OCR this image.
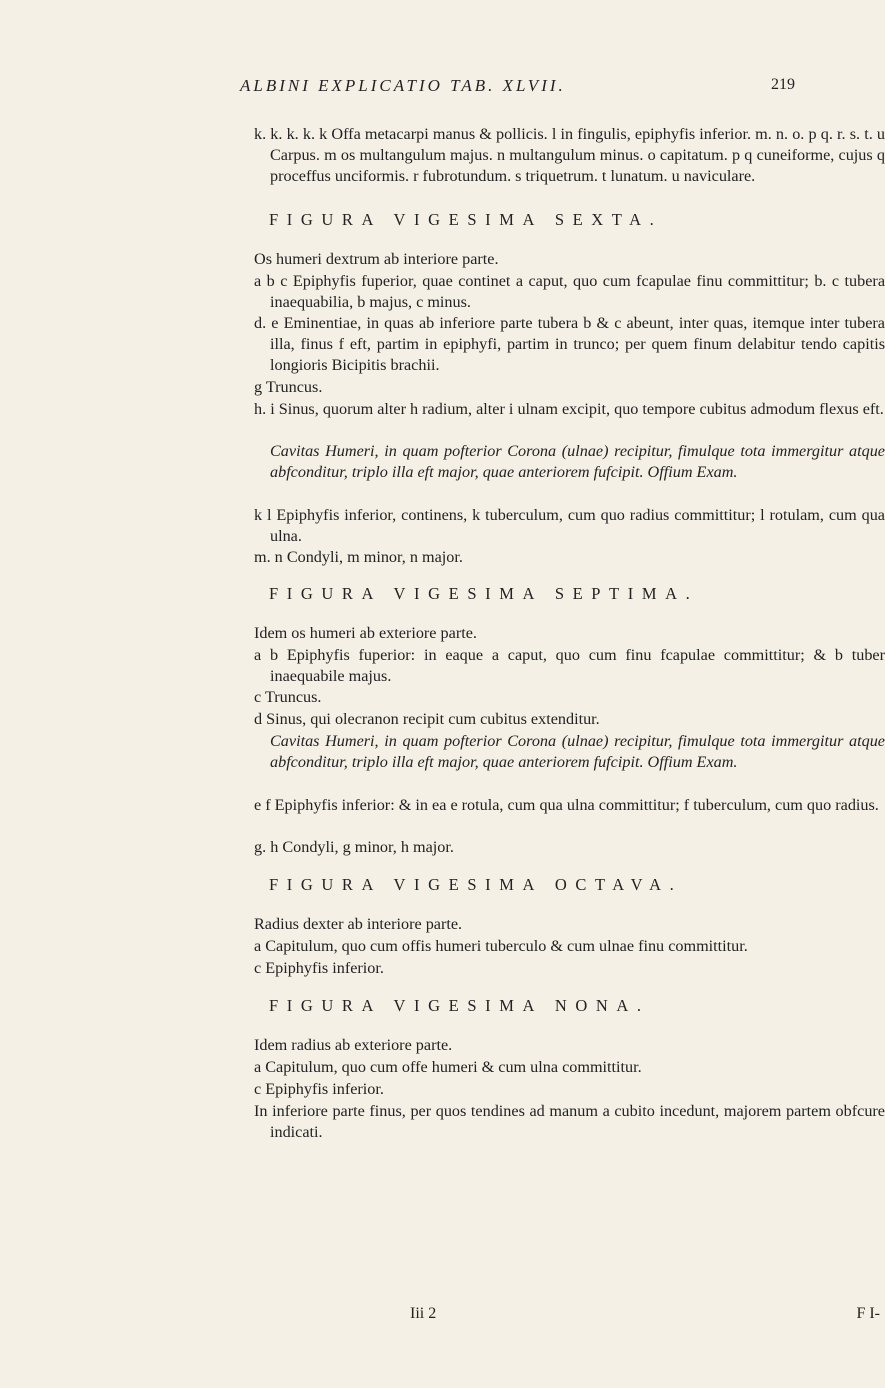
ALBINI EXPLICATIO TAB. XLVII.	219
k. k. k. k. k Offa metacarpi manus & pollicis. l in fingulis, epiphyfis inferior. m. n. o. p q. r. s. t. u Carpus. m os multangulum majus. n multangulum minus. o capitatum. p q cuneiforme, cujus q proceffus unciformis. r fubrotundum. s triquetrum. t lunatum. u naviculare.
FIGURA VIGESIMA SEXTA.
Os humeri dextrum ab interiore parte.
a b c Epiphyfis fuperior, quae continet a caput, quo cum fcapulae finu committitur; b. c tubera inaequabilia, b majus, c minus.
d. e Eminentiae, in quas ab inferiore parte tubera b & c abeunt, inter quas, itemque inter tubera illa, finus f eft, partim in epiphyfi, partim in trunco; per quem finum delabitur tendo capitis longioris Bicipitis brachii.
g Truncus.
h. i Sinus, quorum alter h radium, alter i ulnam excipit, quo tempore cubitus admodum flexus eft.
Cavitas Humeri, in quam pofterior Corona (ulnae) recipitur, fimulque tota immergitur atque abfconditur, triplo illa eft major, quae anteriorem fufcipit. Offium Exam.
k l Epiphyfis inferior, continens, k tuberculum, cum quo radius committitur; l rotulam, cum qua ulna.
m. n Condyli, m minor, n major.
FIGURA VIGESIMA SEPTIMA.
Idem os humeri ab exteriore parte.
a b Epiphyfis fuperior: in eaque a caput, quo cum finu fcapulae committitur; & b tuber inaequabile majus.
c Truncus.
d Sinus, qui olecranon recipit cum cubitus extenditur.
Cavitas Humeri, in quam pofterior Corona (ulnae) recipitur, fimulque tota immergitur atque abfconditur, triplo illa eft major, quae anteriorem fufcipit. Offium Exam.
e f Epiphyfis inferior: & in ea e rotula, cum qua ulna committitur; f tuberculum, cum quo radius.
g. h Condyli, g minor, h major.
FIGURA VIGESIMA OCTAVA.
Radius dexter ab interiore parte.
a Capitulum, quo cum offis humeri tuberculo & cum ulnae finu committitur.
c Epiphyfis inferior.
FIGURA VIGESIMA NONA.
Idem radius ab exteriore parte.
a Capitulum, quo cum offe humeri & cum ulna committitur.
c Epiphyfis inferior.
In inferiore parte finus, per quos tendines ad manum a cubito incedunt, majorem partem obfcure indicati.
Iii 2	F I-
